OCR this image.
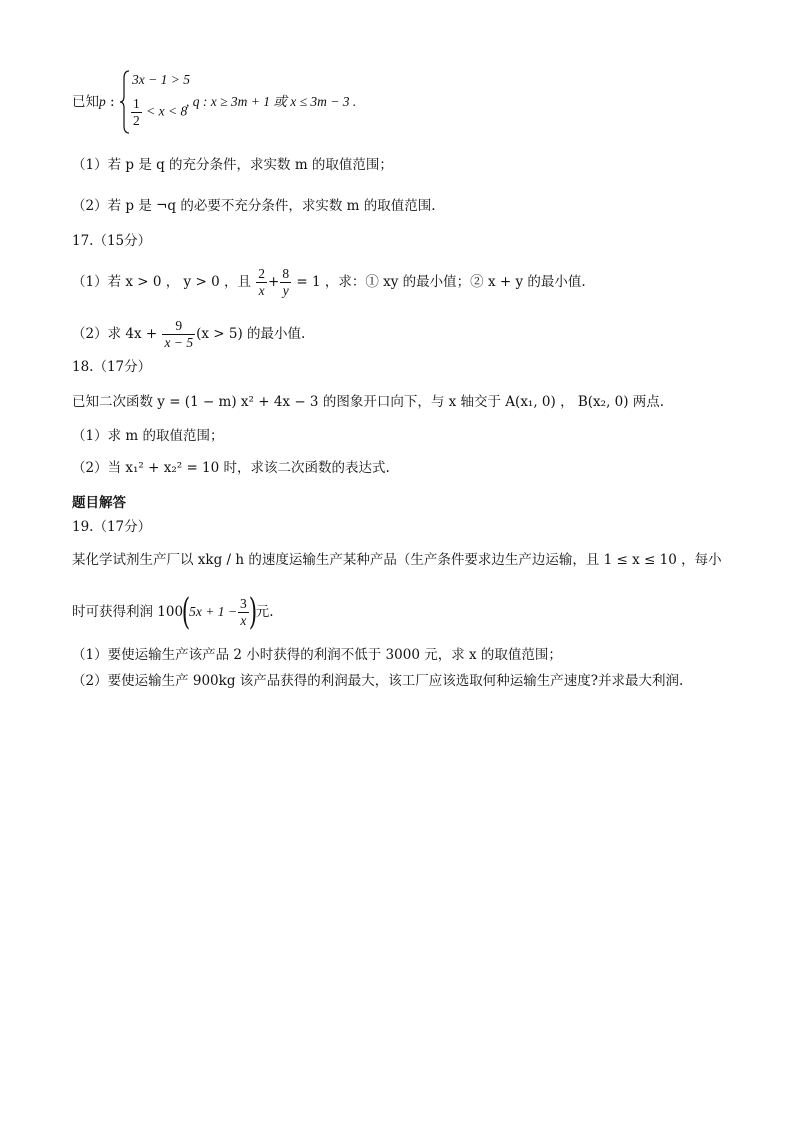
已知p :
3x − 1 > 5
$\frac{1}{2} < x < 8$
, q : x ≥ 3m + 1 或 x ≤ 3m − 3 .
（1）若 p 是 q 的充分条件，求实数 m 的取值范围；
（2）若 p 是 ¬q 的必要不充分条件，求实数 m 的取值范围.
17.（15分）
（1）若 x > 0 ， y > 0 ，且 $\frac{2}{x} + \frac{8}{y} = 1$ ，求：① xy 的最小值；② x + y 的最小值.
（2）求 $4x + \frac{9}{x - 5} (x > 5)$ 的最小值.
18.（17分）
已知二次函数 y = (1 − m) x² + 4x − 3 的图象开口向下，与 x 轴交于 A(x₁, 0) ， B(x₂, 0) 两点.
（1）求 m 的取值范围；
（2）当 x₁² + x₂² = 10 时，求该二次函数的表达式.
题目解答
19.（17分）
某化学试剂生产厂以 xkg / h 的速度运输生产某种产品（生产条件要求边生产边运输，且 1 ≤ x ≤ 10 ，每小
时可获得利润 $100(5x + 1 - \frac{3}{x}$ )元.
（1）要使运输生产该产品 2 小时获得的利润不低于 3000 元，求 x 的取值范围；
（2）要使运输生产 900kg 该产品获得的利润最大，该工厂应该选取何种运输生产速度?并求最大利润.
